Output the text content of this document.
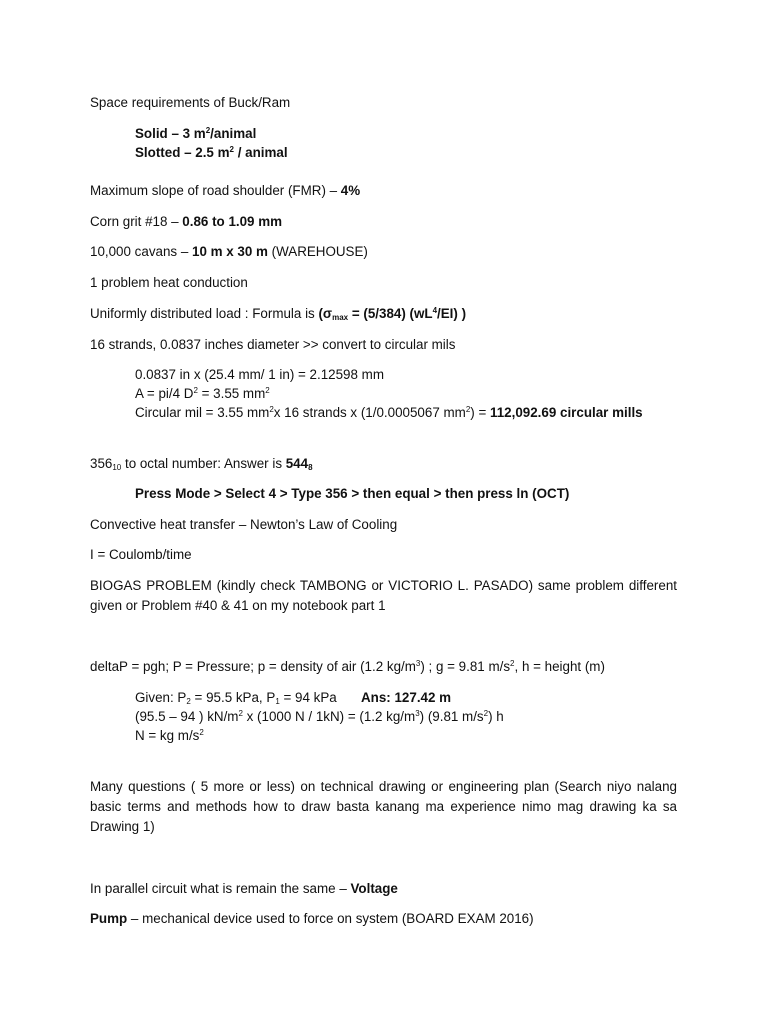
Space requirements of Buck/Ram
Solid – 3 $m^2$/animal
Slotted – 2.5 $m^2$ / animal
Maximum slope of road shoulder (FMR) – 4%
Corn grit #18 – 0.86 to 1.09 mm
10,000 cavans – 10 m x 30 m (WAREHOUSE)
1 problem heat conduction
Uniformly distributed load : Formula is ($\sigma_{max} = (5/384)$ $(wL^4/EI)$ )
16 strands, 0.0837 inches diameter >> convert to circular mils
0.0837 in x (25.4 mm/ 1 in) = 2.12598 mm
A = pi/4 $D^2 = 3.55$ $mm^2$
Circular mil = 3.55 $mm^2x$ 16 strands x (1/0.0005067 $mm^2) = 112,092.69$ circular mills
$356_{10}$ to octal number: Answer is $544_8$
Press Mode > Select 4 > Type 356 > then equal > then press ln (OCT)
Convective heat transfer – Newton’s Law of Cooling
I = Coulomb/time
BIOGAS PROBLEM (kindly check TAMBONG or VICTORIO L. PASADO) same problem different given or Problem #40 & 41 on my notebook part 1
deltaP = pgh; P = Pressure; p = density of air (1.2 $kg/m^3$) ; g = 9.81 $m/s^2$, h = height (m)
Given: $P_2 = 95.5$ kPa, $P_1 = 94$ kPa Ans: 127.42 m
(95.5 – 94 ) $kN/m^2$ x (1000 N / 1kN) = (1.2 $kg/m^3$) (9.81 $m/s^2$) h
N = kg $m/s^2$
Many questions ( 5 more or less) on technical drawing or engineering plan (Search niyo nalang basic terms and methods how to draw basta kanang ma experience nimo mag drawing ka sa Drawing 1)
In parallel circuit what is remain the same – Voltage
Pump – mechanical device used to force on system (BOARD EXAM 2016)
